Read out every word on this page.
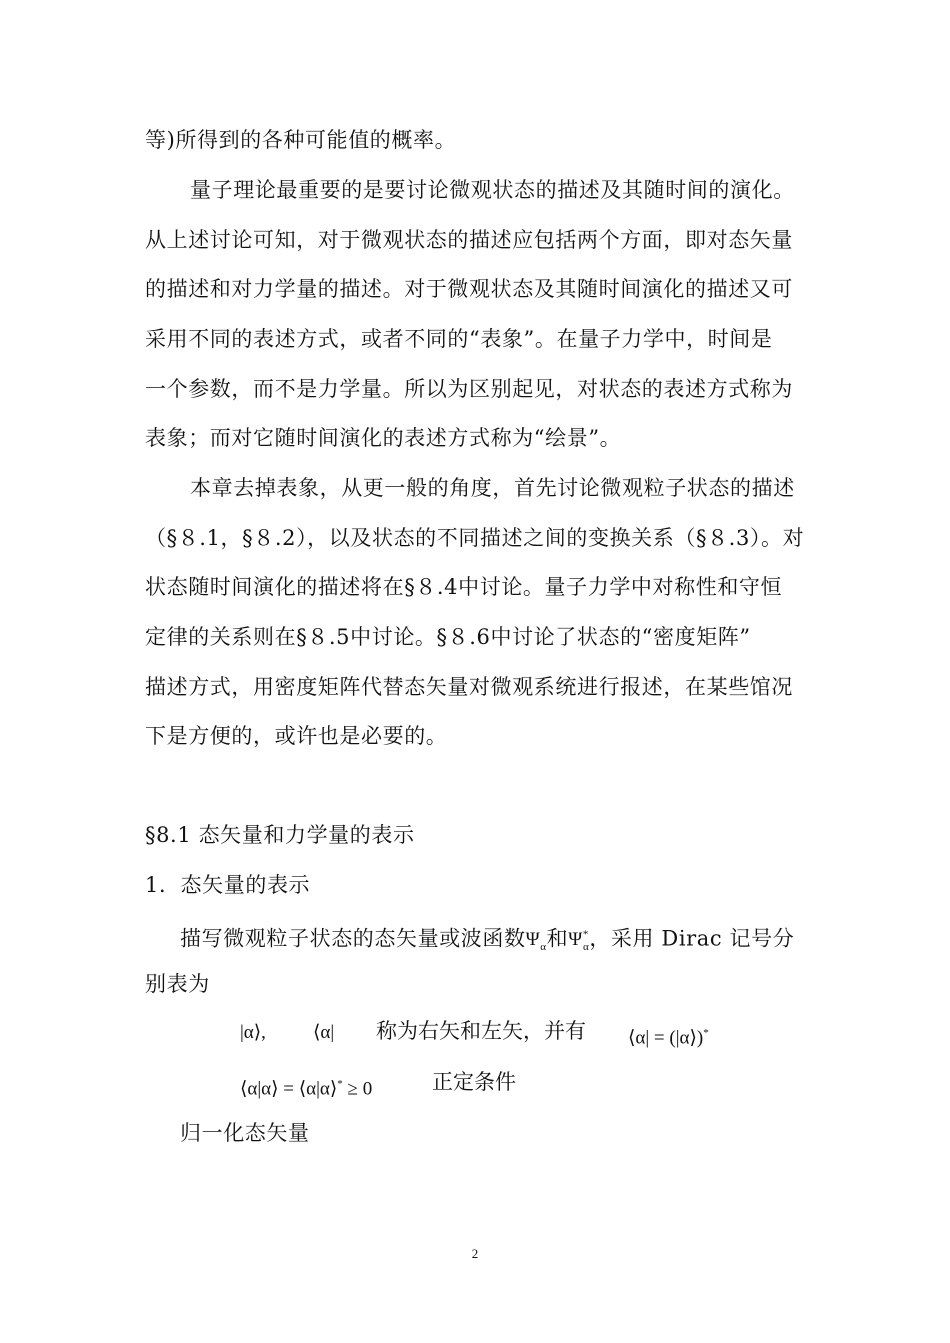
等)所得到的各种可能值的概率。
量子理论最重要的是要讨论微观状态的描述及其随时间的演化。
从上述讨论可知，对于微观状态的描述应包括两个方面，即对态矢量
的描述和对力学量的描述。对于微观状态及其随时间演化的描述又可
采用不同的表述方式，或者不同的“表象”。在量子力学中，时间是
一个参数，而不是力学量。所以为区别起见，对状态的表述方式称为
表象；而对它随时间演化的表述方式称为“绘景”。
本章去掉表象，从更一般的角度，首先讨论微观粒子状态的描述
（§８.1，§８.2），以及状态的不同描述之间的变换关系（§８.3）。对
状态随时间演化的描述将在§８.4中讨论。量子力学中对称性和守恒
定律的关系则在§８.5中讨论。§８.6中讨论了状态的“密度矩阵”
描述方式，用密度矩阵代替态矢量对微观系统进行报述，在某些馆况
下是方便的，或许也是必要的。
§8.1 态矢量和力学量的表示
1．态矢量的表示
描写微观粒子状态的态矢量或波函数$\Psi_\alpha$和$\Psi^*_\alpha$，采用 Dirac 记号分
别表为
|α⟩, ⟨α| 称为右矢和左矢，并有 ⟨α| = (|α⟩)*
⟨α|α⟩ = ⟨α|α⟩* ≥ 0	正定条件
归一化态矢量
2
